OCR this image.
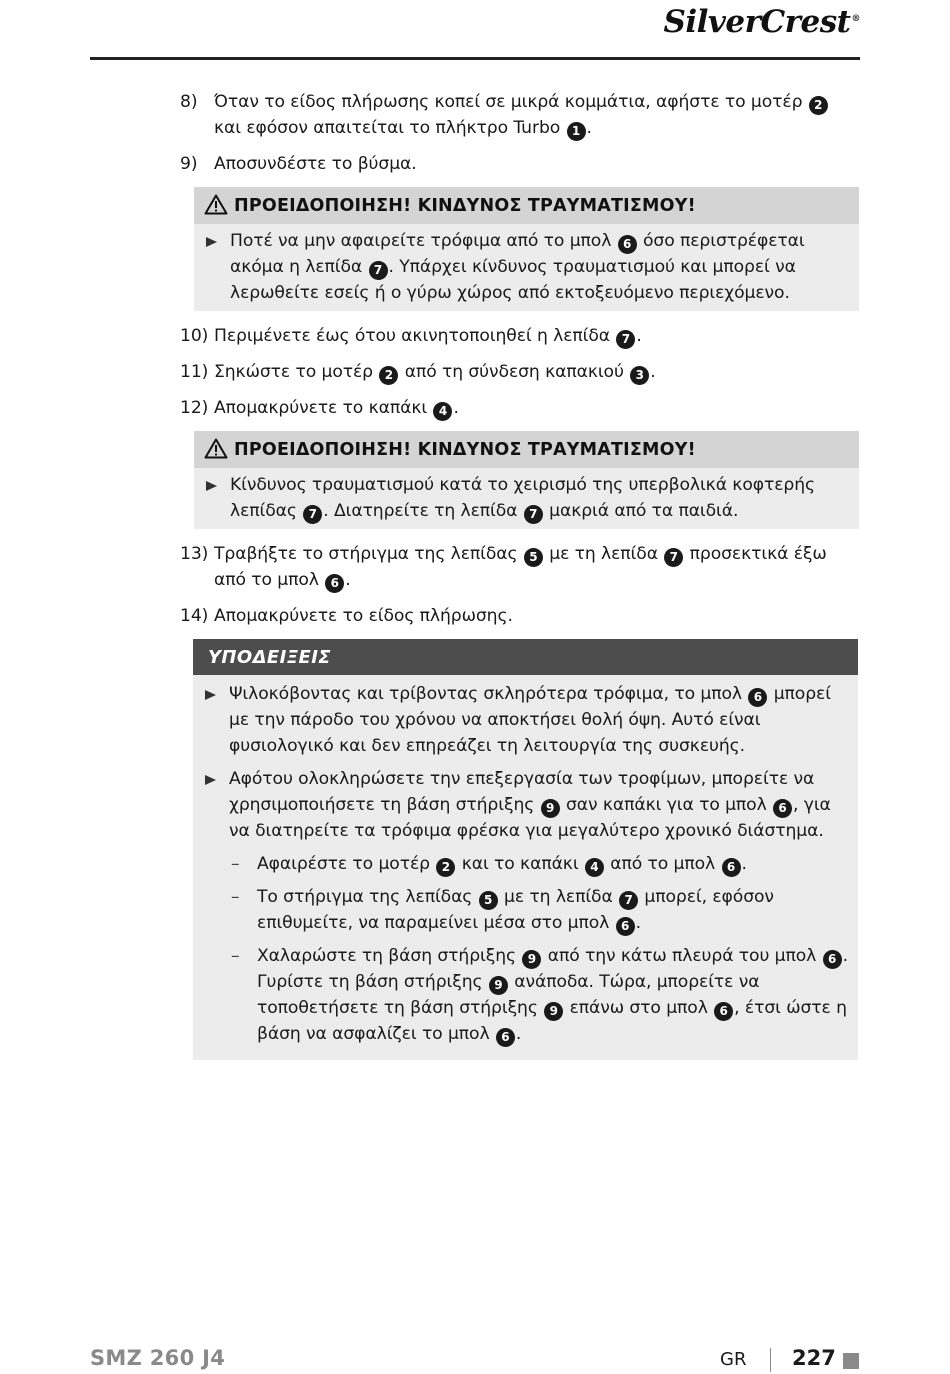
SilverCrest®
8) Όταν το είδος πλήρωσης κοπεί σε μικρά κομμάτια, αφήστε το μοτέρ 2 και εφόσον απαιτείται το πλήκτρο Turbo 1 .
9) Αποσυνδέστε το βύσμα.
ΠΡΟΕΙΔΟΠΟΙΗΣΗ! ΚΙΝΔΥΝΟΣ ΤΡΑΥΜΑΤΙΣΜΟΥ!
Ποτέ να μην αφαιρείτε τρόφιμα από το μπολ 6 όσο περιστρέφεται ακόμα η λεπίδα 7 . Υπάρχει κίνδυνος τραυματισμού και μπορεί να λερωθείτε εσείς ή ο γύρω χώρος από εκτοξευόμενο περιεχόμενο.
10) Περιμένετε έως ότου ακινητοποιηθεί η λεπίδα 7 .
11) Σηκώστε το μοτέρ 2 από τη σύνδεση καπακιού 3 .
12) Απομακρύνετε το καπάκι 4 .
ΠΡΟΕΙΔΟΠΟΙΗΣΗ! ΚΙΝΔΥΝΟΣ ΤΡΑΥΜΑΤΙΣΜΟΥ!
Κίνδυνος τραυματισμού κατά το χειρισμό της υπερβολικά κοφτερής λεπίδας 7 . Διατηρείτε τη λεπίδα 7 μακριά από τα παιδιά.
13) Τραβήξτε το στήριγμα της λεπίδας 5 με τη λεπίδα 7 προσεκτικά έξω από το μπολ 6 .
14) Απομακρύνετε το είδος πλήρωσης.
ΥΠΟΔΕΙΞΕΙΣ
Ψιλοκόβοντας και τρίβοντας σκληρότερα τρόφιμα, το μπολ 6 μπορεί με την πάροδο του χρόνου να αποκτήσει θολή όψη. Αυτό είναι φυσιολογικό και δεν επηρεάζει τη λειτουργία της συσκευής.
Αφότου ολοκληρώσετε την επεξεργασία των τροφίμων, μπορείτε να χρησιμοποιήσετε τη βάση στήριξης 9 σαν καπάκι για το μπολ 6 , για να διατηρείτε τα τρόφιμα φρέσκα για μεγαλύτερο χρονικό διάστημα.
– Αφαιρέστε το μοτέρ 2 και το καπάκι 4 από το μπολ 6 .
– Το στήριγμα της λεπίδας 5 με τη λεπίδα 7 μπορεί, εφόσον επιθυμείτε, να παραμείνει μέσα στο μπολ 6 .
– Χαλαρώστε τη βάση στήριξης 9 από την κάτω πλευρά του μπολ 6 . Γυρίστε τη βάση στήριξης 9 ανάποδα. Τώρα, μπορείτε να τοποθετήσετε τη βάση στήριξης 9 επάνω στο μπολ 6 , έτσι ώστε η βάση να ασφαλίζει το μπολ 6 .
SMZ 260 J4	GR 227
